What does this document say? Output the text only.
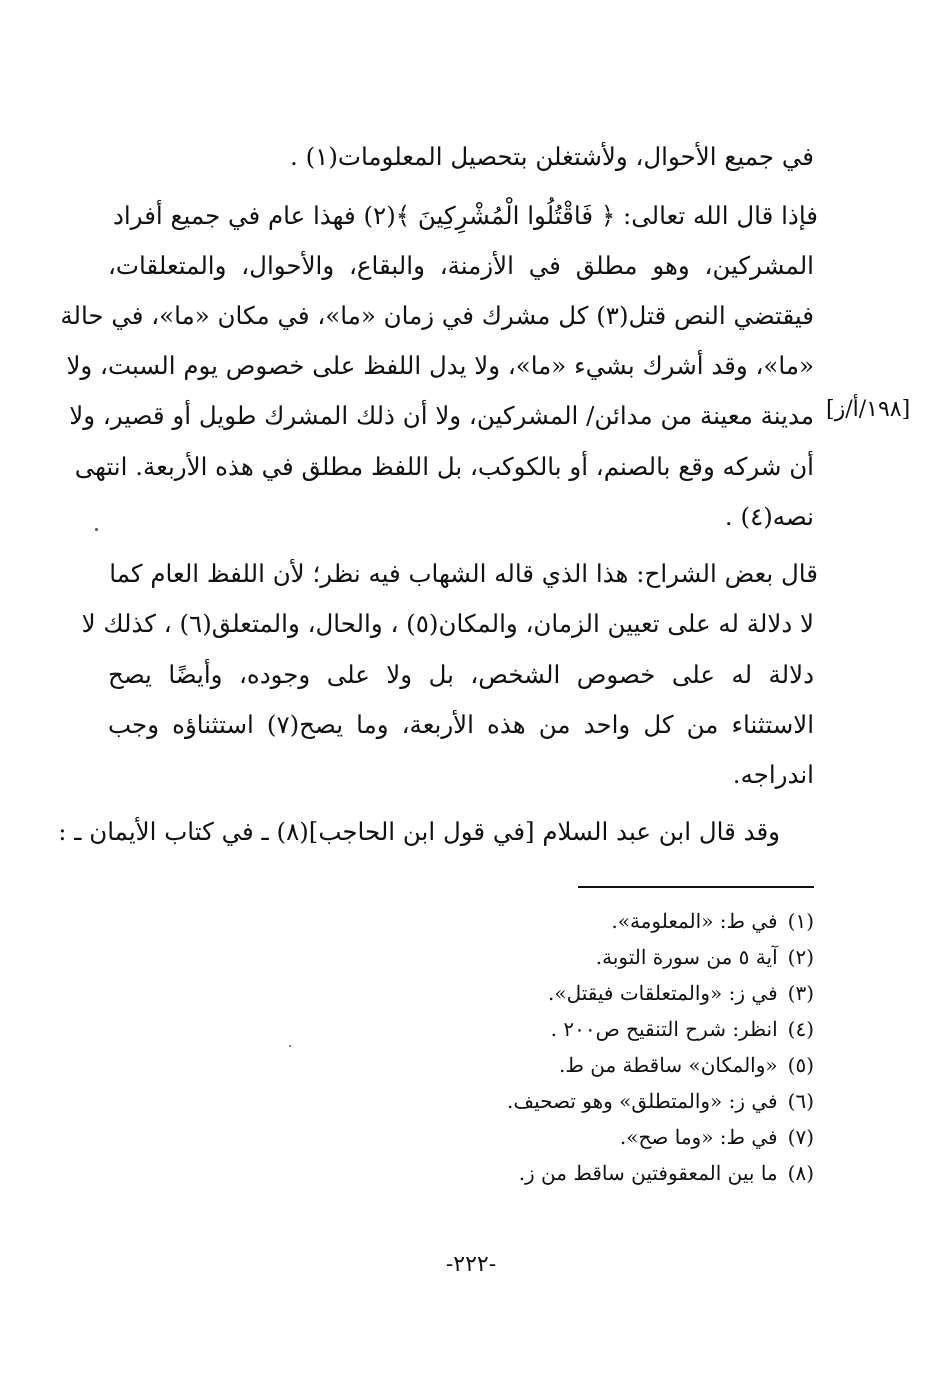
في جميع الأحوال، ولأشتغلن بتحصيل المعلومات(١) .
فإذا قال الله تعالى: ﴿ فَاقْتُلُوا الْمُشْرِكِينَ ﴾(٢) فهذا عام في جميع أفراد
المشركين، وهو مطلق في الأزمنة، والبقاع، والأحوال، والمتعلقات،
فيقتضي النص قتل(٣) كل مشرك في زمان «ما»، في مكان «ما»، في حالة
«ما»، وقد أشرك بشيء «ما»، ولا يدل اللفظ على خصوص يوم السبت، ولا
مدينة معينة من مدائن/ المشركين، ولا أن ذلك المشرك طويل أو قصير، ولا
أن شركه وقع بالصنم، أو بالكوكب، بل اللفظ مطلق في هذه الأربعة. انتهى
نصه(٤) .
قال بعض الشراح: هذا الذي قاله الشهاب فيه نظر؛ لأن اللفظ العام كما
لا دلالة له على تعيين الزمان، والمكان(٥) ، والحال، والمتعلق(٦) ، كذلك لا
دلالة له على خصوص الشخص، بل ولا على وجوده، وأيضًا يصح
الاستثناء من كل واحد من هذه الأربعة، وما يصح(٧) استثناؤه وجب
اندراجه.
وقد قال ابن عبد السلام [في قول ابن الحاجب](٨) ـ في كتاب الأيمان ـ :
[١٩٨/أ/ز]
(١)في ط: «المعلومة».
(٢)آية ٥ من سورة التوبة.
(٣)في ز: «والمتعلقات فيقتل».
(٤)انظر: شرح التنقيح ص٢٠٠ .
(٥)«والمكان» ساقطة من ط.
(٦)في ز: «والمتطلق» وهو تصحيف.
(٧)في ط: «وما صح».
(٨)ما بين المعقوفتين ساقط من ز.
-٢٢٢-
